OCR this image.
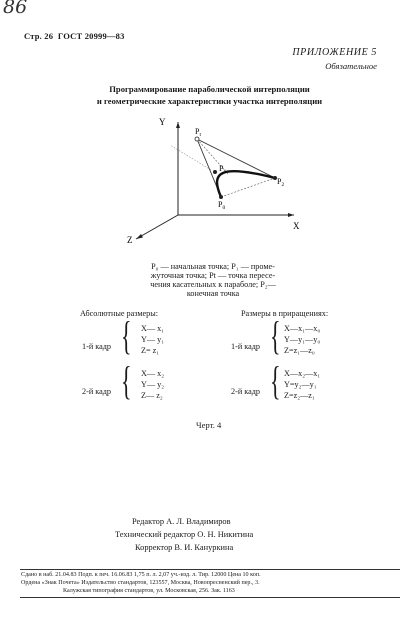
86
Стр. 26 ГОСТ 20999—83
ПРИЛОЖЕНИЕ 5
Обязательное
Программирование параболической интерполяции
и геометрические характеристики участка интерполяции
Y
X
Z
$P_t$
$P_1$
$P_2$
$P_0$
P₀ — начальная точка; P₁ — проме-
жуточная точка; Pt — точка пересе-
чения касательных к параболе; P₂—
конечная точка
Абсолютные размеры:
1-й кадр { X— x₁
Y— y₁
Z= z₁
2-й кадр { X— x₂
Y— y₂
Z— z₂
Размеры в приращениях:
1-й кадр { X—x₁—x₀
Y—y₁—y₀
Z=z₁—z₀
2-й кадр { X—x₂—x₁
Y=y₂—y₁
Z=z₂—z₁
Черт. 4
Редактор А. Л. Владимиров
Технический редактор О. Н. Никитина
Корректор В. И. Кануркина
Сдано в наб. 21.04.83 Подп. к печ. 16.06.83 1,75 п. л. 2,07 уч.-изд. л. Тир. 12000 Цена 10 коп.
Ордена «Знак Почета» Издательство стандартов, 123557, Москва, Новопресненский пер., 3.
Калужская типография стандартов, ул. Московская, 256. Зак. 1163
